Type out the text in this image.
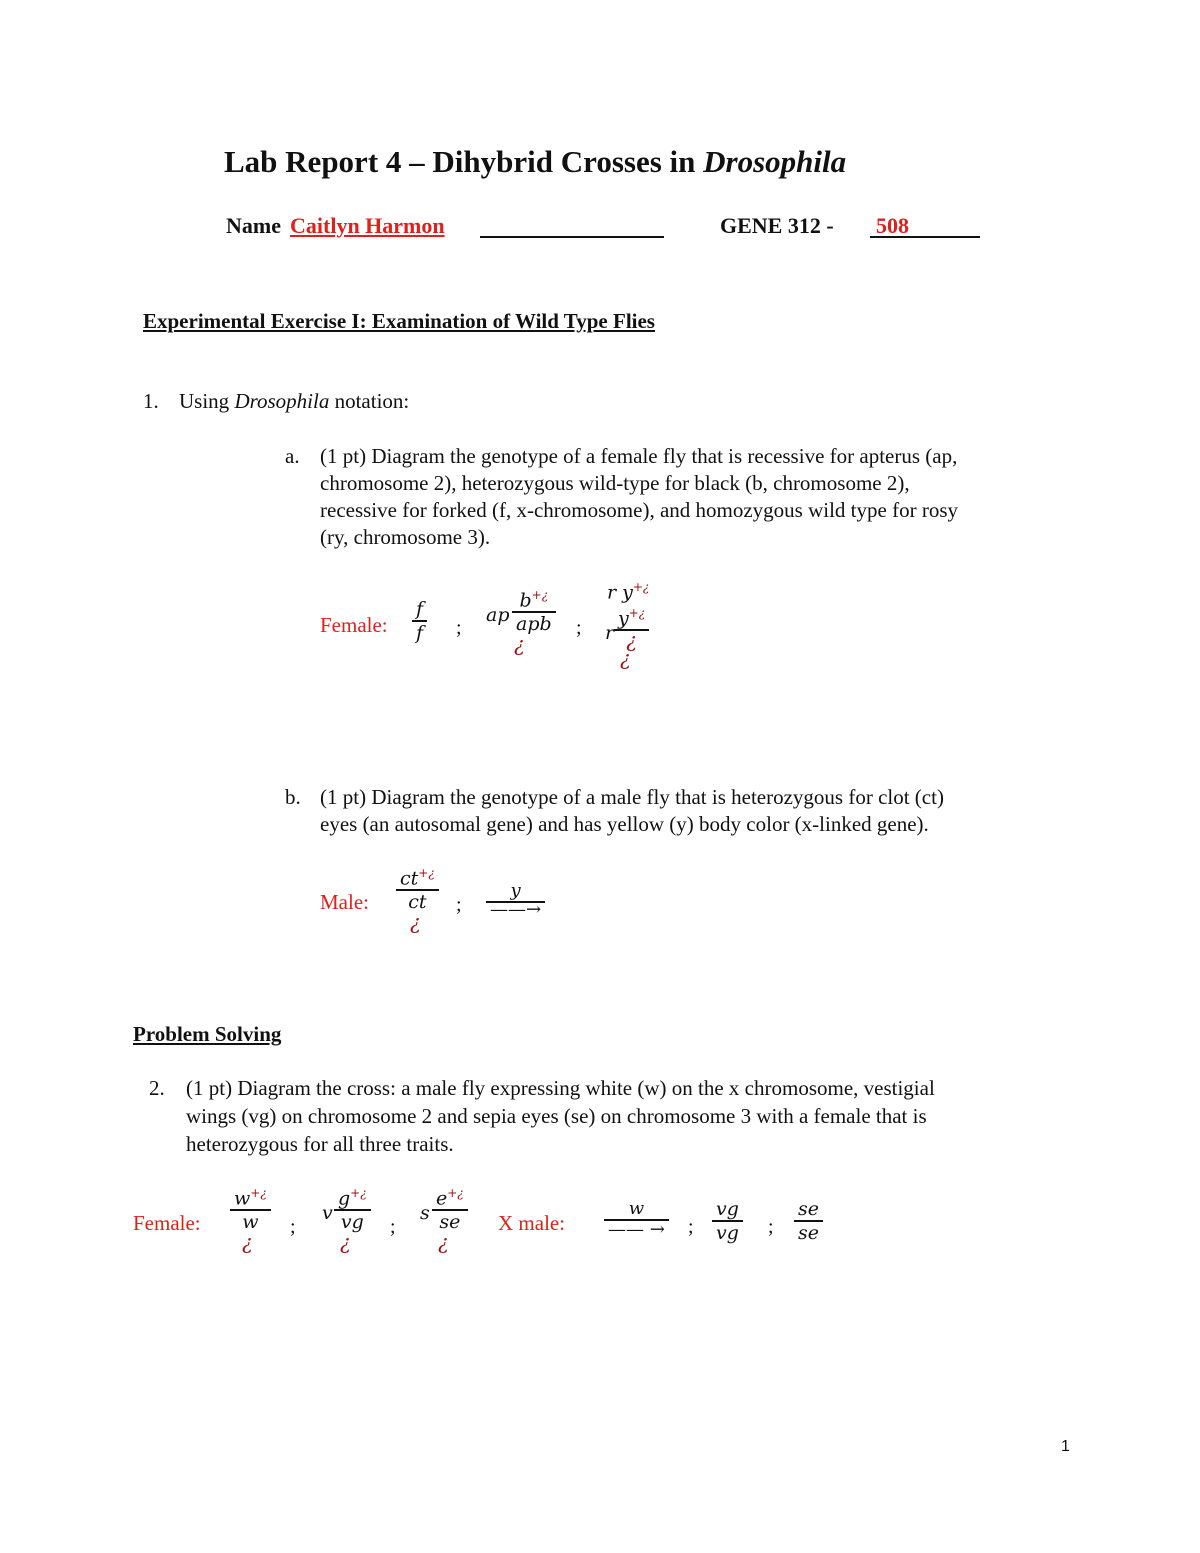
Lab Report 4 – Dihybrid Crosses in Drosophila
Name Caitlyn Harmon	GENE 312 - 508
Experimental Exercise I: Examination of Wild Type Flies
1. Using Drosophila notation:
a. (1 pt) Diagram the genotype of a female fly that is recessive for apterus (ap,
chromosome 2), heterozygous wild-type for black (b, chromosome 2),
recessive for forked (f, x-chromosome), and homozygous wild type for rosy
(ry, chromosome 3).
Female:
f
f ;
ap
b+¿
apb
¿
;
r y+¿
r
y+¿
¿
¿
b. (1 pt) Diagram the genotype of a male fly that is heterozygous for clot (ct)
eyes (an autosomal gene) and has yellow (y) body color (x-linked gene).
Male:
ct+¿
ct
¿
;
y
——→
Problem Solving
2. (1 pt) Diagram the cross: a male fly expressing white (w) on the x chromosome, vestigial
wings (vg) on chromosome 2 and sepia eyes (se) on chromosome 3 with a female that is
heterozygous for all three traits.
Female:
w+¿
w
¿
;
v
g+¿
vg
¿
;
s
e+¿
se
¿
X male:
w
—— → ;
vg
vg ;
se
se
1
